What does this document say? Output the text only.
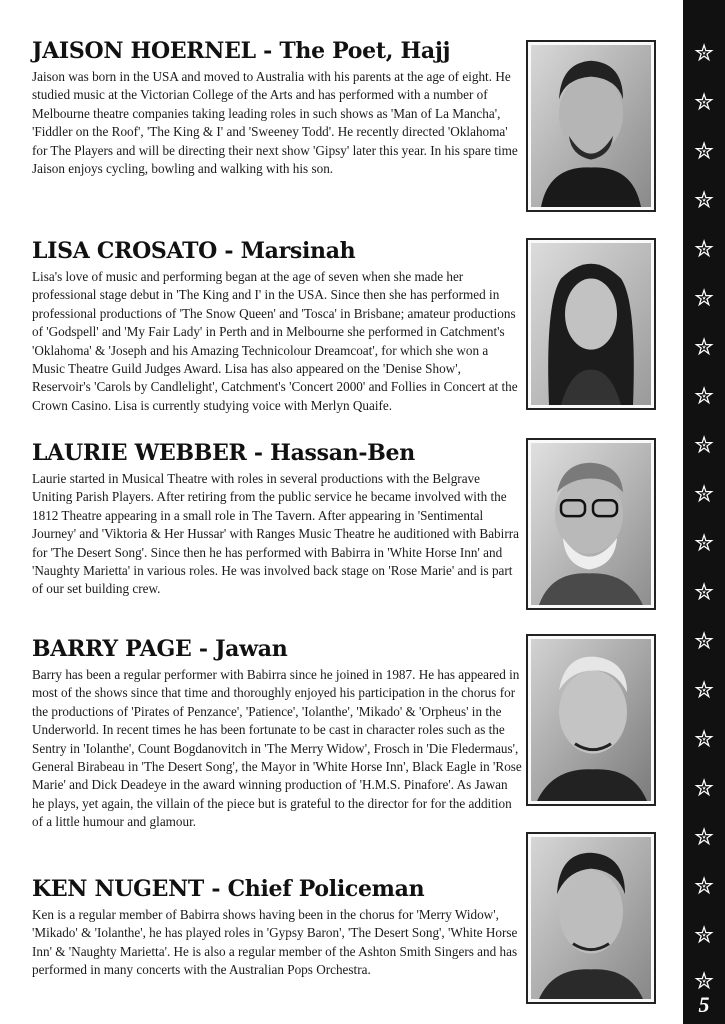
JAISON HOERNEL - The Poet, Hajj

Jaison was born in the USA and moved to Australia with his parents at the age of eight. He studied music at the Victorian College of the Arts and has performed with a number of Melbourne theatre companies taking leading roles in such shows as 'Man of La Mancha', 'Fiddler on the Roof', 'The King & I' and 'Sweeney Todd'. He recently directed 'Oklahoma' for The Players and will be directing their next show 'Gipsy' later this year. In his spare time Jaison enjoys cycling, bowling and walking with his son.

LISA CROSATO - Marsinah

Lisa's love of music and performing began at the age of seven when she made her professional stage debut in 'The King and I' in the USA. Since then she has performed in professional productions of 'The Snow Queen' and 'Tosca' in Brisbane; amateur productions of 'Godspell' and 'My Fair Lady' in Perth and in Melbourne she performed in Catchment's 'Oklahoma' & 'Joseph and his Amazing Technicolour Dreamcoat', for which she won a Music Theatre Guild Judges Award. Lisa has also appeared on the 'Denise Show', Reservoir's 'Carols by Candlelight', Catchment's 'Concert 2000' and Follies in Concert at the Crown Casino. Lisa is currently studying voice with Merlyn Quaife.

LAURIE WEBBER - Hassan-Ben

Laurie started in Musical Theatre with roles in several productions with the Belgrave Uniting Parish Players. After retiring from the public service he became involved with the 1812 Theatre appearing in a small role in The Tavern. After appearing in 'Sentimental Journey' and 'Viktoria & Her Hussar' with Ranges Music Theatre he auditioned with Babirra for 'The Desert Song'. Since then he has performed with Babirra in 'White Horse Inn' and 'Naughty Marietta' in various roles. He was involved back stage on 'Rose Marie' and is part of our set building crew.

BARRY PAGE - Jawan

Barry has been a regular performer with Babirra since he joined in 1987. He has appeared in most of the shows since that time and thoroughly enjoyed his participation in the chorus for the productions of 'Pirates of Penzance', 'Patience', 'Iolanthe', 'Mikado' & 'Orpheus' in the Underworld. In recent times he has been fortunate to be cast in character roles such as the Sentry in 'Iolanthe', Count Bogdanovitch in 'The Merry Widow', Frosch in 'Die Fledermaus', General Birabeau in 'The Desert Song', the Mayor in 'White Horse Inn', Black Eagle in 'Rose Marie' and Dick Deadeye in the award winning production of 'H.M.S. Pinafore'. As Jawan he plays, yet again, the villain of the piece but is grateful to the director for for the addition of a little humour and glamour.

KEN NUGENT - Chief Policeman

Ken is a regular member of Babirra shows having been in the chorus for 'Merry Widow', 'Mikado' & 'Iolanthe', he has played roles in 'Gypsy Baron', 'The Desert Song', 'White Horse Inn' & 'Naughty Marietta'. He is also a regular member of the Ashton Smith Singers and has performed in many concerts with the Australian Pops Orchestra.

✮
✮
✮
✮
✮
✮
✮
✮
✮
✮
✮
✮
✮
✮
✮
✮
✮
✮
✮
✮
5
